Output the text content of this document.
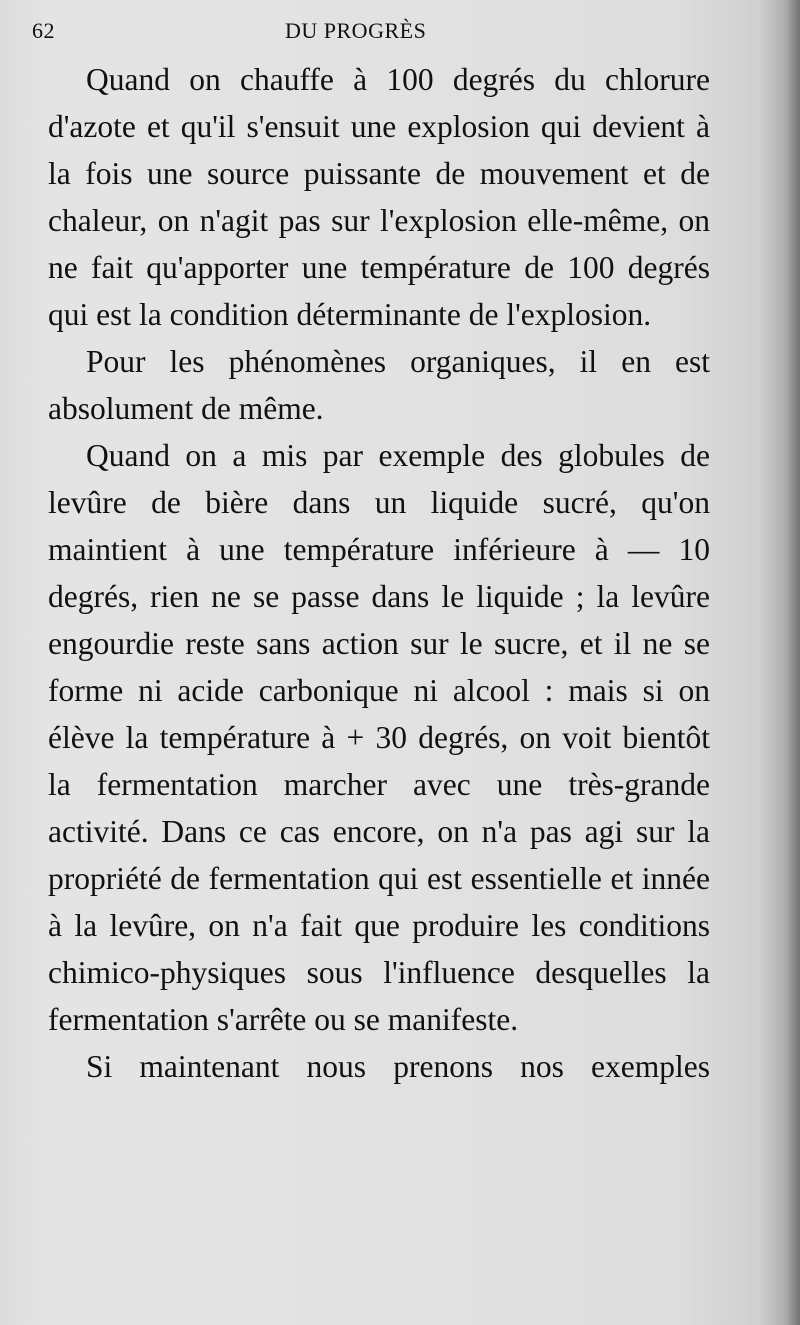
62	DU PROGRÈS

Quand on chauffe à 100 degrés du chlorure d'azote et qu'il s'ensuit une explosion qui devient à la fois une source puissante de mouvement et de chaleur, on n'agit pas sur l'explosion elle-même, on ne fait qu'apporter une température de 100 degrés qui est la condition déterminante de l'explosion.

Pour les phénomènes organiques, il en est absolument de même.

Quand on a mis par exemple des globules de levûre de bière dans un liquide sucré, qu'on maintient à une température inférieure à — 10 degrés, rien ne se passe dans le liquide ; la levûre engourdie reste sans action sur le sucre, et il ne se forme ni acide carbonique ni alcool : mais si on élève la température à + 30 degrés, on voit bientôt la fermentation marcher avec une très-grande activité. Dans ce cas encore, on n'a pas agi sur la propriété de fermentation qui est essentielle et innée à la levûre, on n'a fait que produire les conditions chimico-physiques sous l'influence desquelles la fermentation s'arrête ou se manifeste.

Si maintenant nous prenons nos exemples
